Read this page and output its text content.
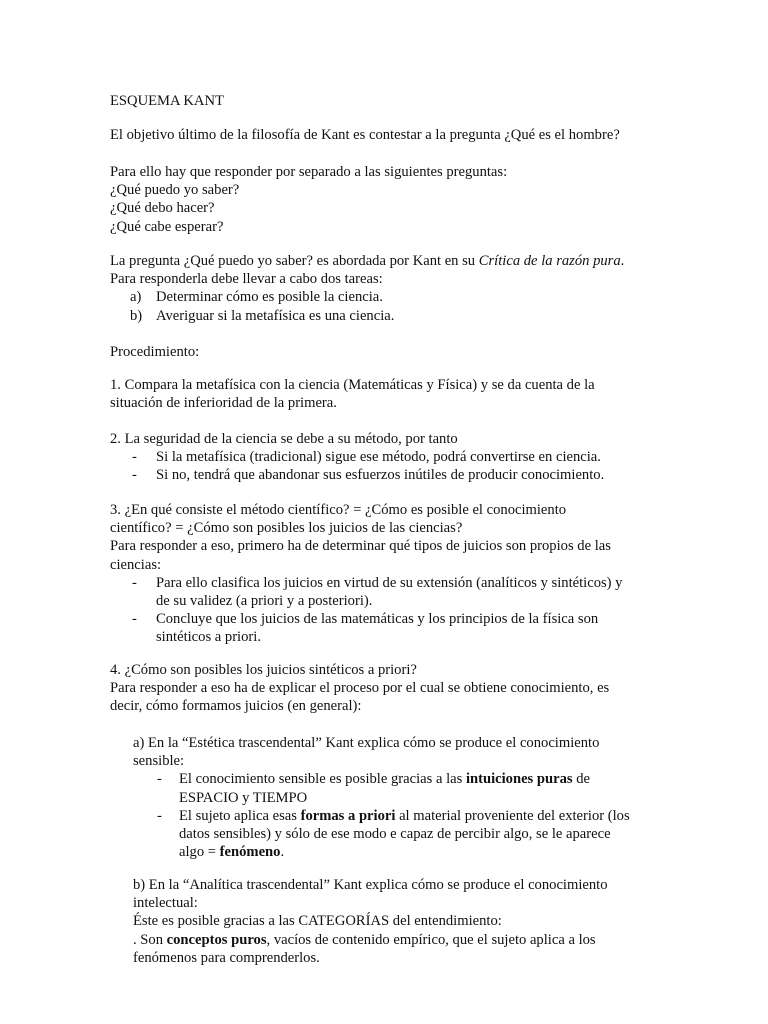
ESQUEMA KANT
El objetivo último de la filosofía de Kant es contestar a la pregunta ¿Qué es el hombre?
Para ello hay que responder por separado a las siguientes preguntas:
¿Qué puedo yo saber?
¿Qué debo hacer?
¿Qué cabe esperar?
La pregunta ¿Qué puedo yo saber? es abordada por Kant en su Crítica de la razón pura.
Para responderla debe llevar a cabo dos tareas:
a) Determinar cómo es posible la ciencia.
b) Averiguar si la metafísica es una ciencia.
Procedimiento:
1. Compara la metafísica con la ciencia (Matemáticas y Física) y se da cuenta de la
situación de inferioridad de la primera.
2. La seguridad de la ciencia se debe a su método, por tanto
- Si la metafísica (tradicional) sigue ese método, podrá convertirse en ciencia.
- Si no, tendrá que abandonar sus esfuerzos inútiles de producir conocimiento.
3. ¿En qué consiste el método científico? = ¿Cómo es posible el conocimiento
científico? = ¿Cómo son posibles los juicios de las ciencias?
Para responder a eso, primero ha de determinar qué tipos de juicios son propios de las
ciencias:
- Para ello clasifica los juicios en virtud de su extensión (analíticos y sintéticos) y
de su validez (a priori y a posteriori).
- Concluye que los juicios de las matemáticas y los principios de la física son
sintéticos a priori.
4. ¿Cómo son posibles los juicios sintéticos a priori?
Para responder a eso ha de explicar el proceso por el cual se obtiene conocimiento, es
decir, cómo formamos juicios (en general):
a) En la “Estética trascendental” Kant explica cómo se produce el conocimiento
sensible:
- El conocimiento sensible es posible gracias a las intuiciones puras de
ESPACIO y TIEMPO
- El sujeto aplica esas formas a priori al material proveniente del exterior (los
datos sensibles) y sólo de ese modo e capaz de percibir algo, se le aparece
algo = fenómeno.
b) En la “Analítica trascendental” Kant explica cómo se produce el conocimiento
intelectual:
Éste es posible gracias a las CATEGORÍAS del entendimiento:
. Son conceptos puros, vacíos de contenido empírico, que el sujeto aplica a los
fenómenos para comprenderlos.
